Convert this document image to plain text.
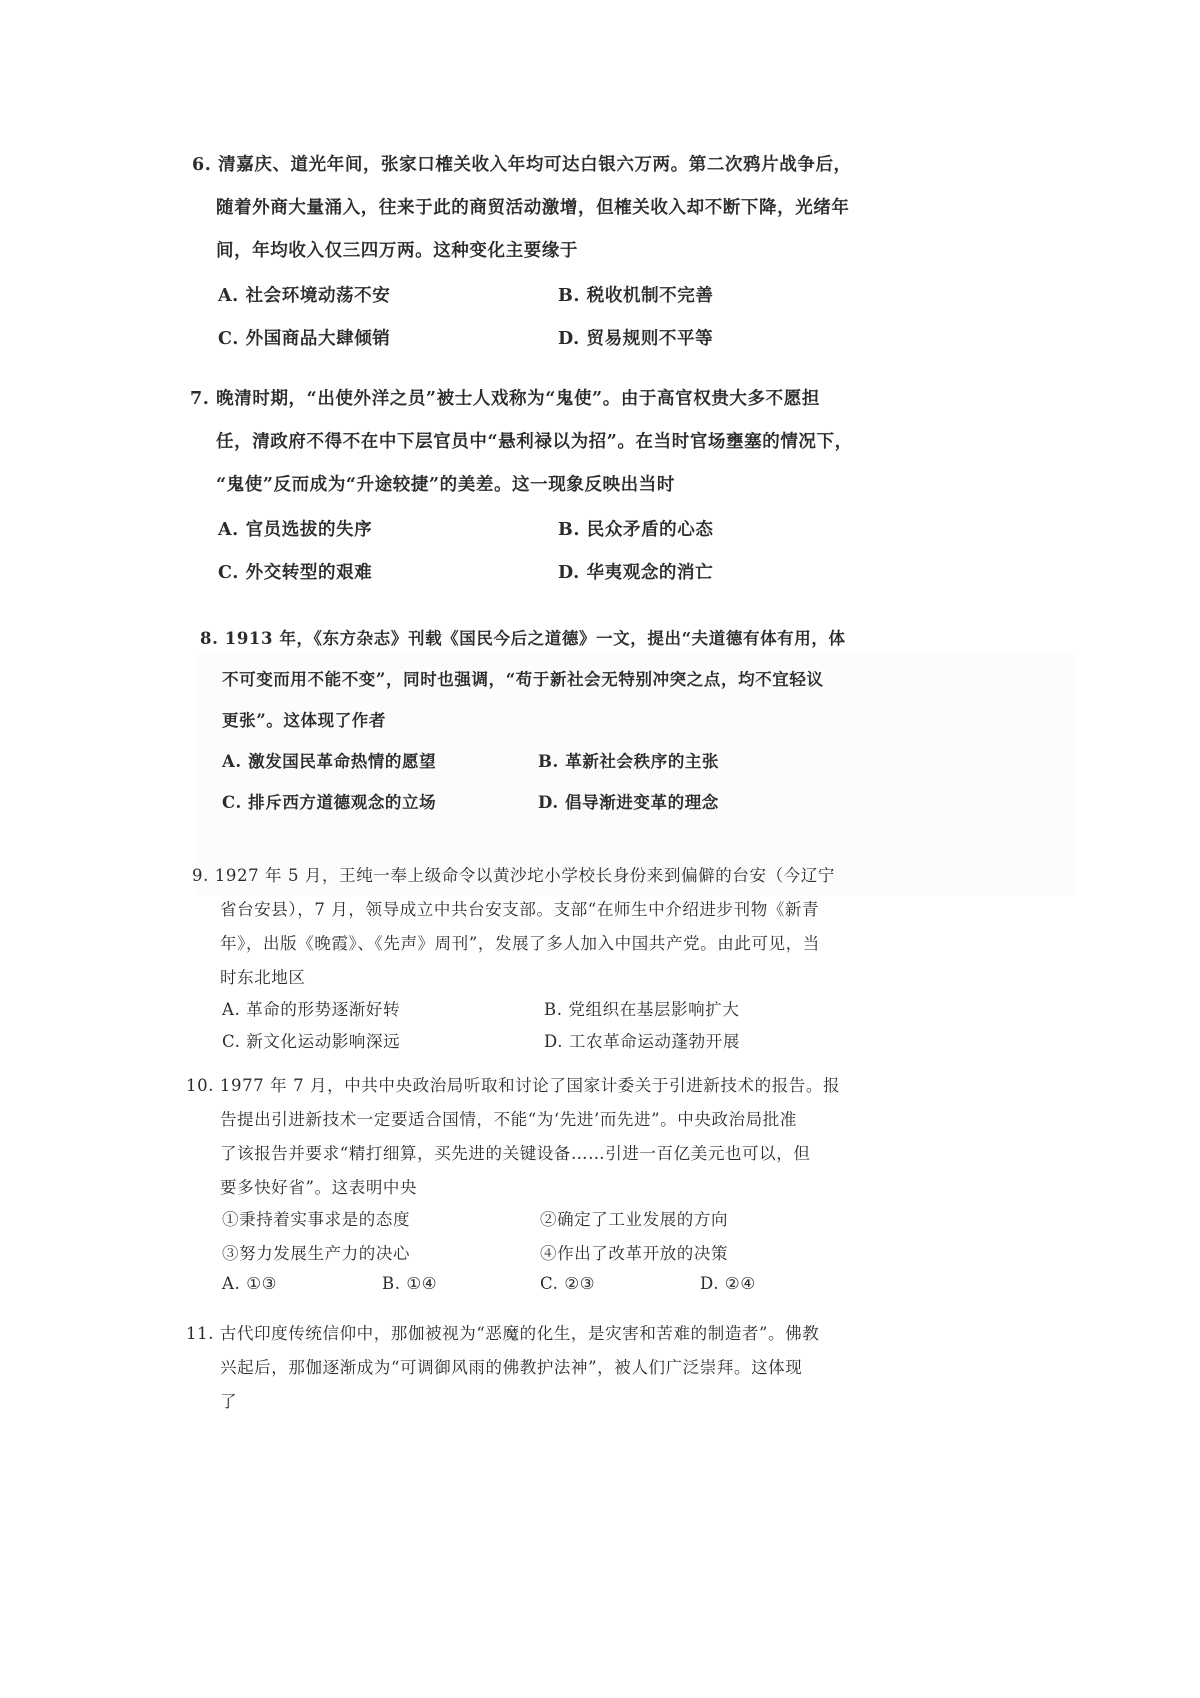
6. 清嘉庆、道光年间，张家口榷关收入年均可达白银六万两。第二次鸦片战争后，
随着外商大量涌入，往来于此的商贸活动激增，但榷关收入却不断下降，光绪年
间，年均收入仅三四万两。这种变化主要缘于
A. 社会环境动荡不安	B. 税收机制不完善
C. 外国商品大肆倾销	D. 贸易规则不平等
7. 晚清时期，“出使外洋之员”被士人戏称为“鬼使”。由于高官权贵大多不愿担
任，清政府不得不在中下层官员中“悬利禄以为招”。在当时官场壅塞的情况下，
“鬼使”反而成为“升途较捷”的美差。这一现象反映出当时
A. 官员选拔的失序	B. 民众矛盾的心态
C. 外交转型的艰难	D. 华夷观念的消亡
8. 1913 年，《东方杂志》刊载《国民今后之道德》一文，提出“夫道德有体有用，体
不可变而用不能不变”，同时也强调，“苟于新社会无特别冲突之点，均不宜轻议
更张”。这体现了作者
A. 激发国民革命热情的愿望	B. 革新社会秩序的主张
C. 排斥西方道德观念的立场	D. 倡导渐进变革的理念
9. 1927 年 5 月，王纯一奉上级命令以黄沙坨小学校长身份来到偏僻的台安（今辽宁
省台安县），7 月，领导成立中共台安支部。支部“在师生中介绍进步刊物《新青
年》，出版《晚霞》、《先声》周刊”，发展了多人加入中国共产党。由此可见，当
时东北地区
A. 革命的形势逐渐好转	B. 党组织在基层影响扩大
C. 新文化运动影响深远	D. 工农革命运动蓬勃开展
10. 1977 年 7 月，中共中央政治局听取和讨论了国家计委关于引进新技术的报告。报
告提出引进新技术一定要适合国情，不能“为‘先进’而先进”。中央政治局批准
了该报告并要求“精打细算，买先进的关键设备……引进一百亿美元也可以，但
要多快好省”。这表明中央
①秉持着实事求是的态度	②确定了工业发展的方向
③努力发展生产力的决心	④作出了改革开放的决策
A. ①③	B. ①④	C. ②③	D. ②④
11. 古代印度传统信仰中，那伽被视为“恶魔的化生，是灾害和苦难的制造者”。佛教
兴起后，那伽逐渐成为“可调御风雨的佛教护法神”，被人们广泛崇拜。这体现
了
